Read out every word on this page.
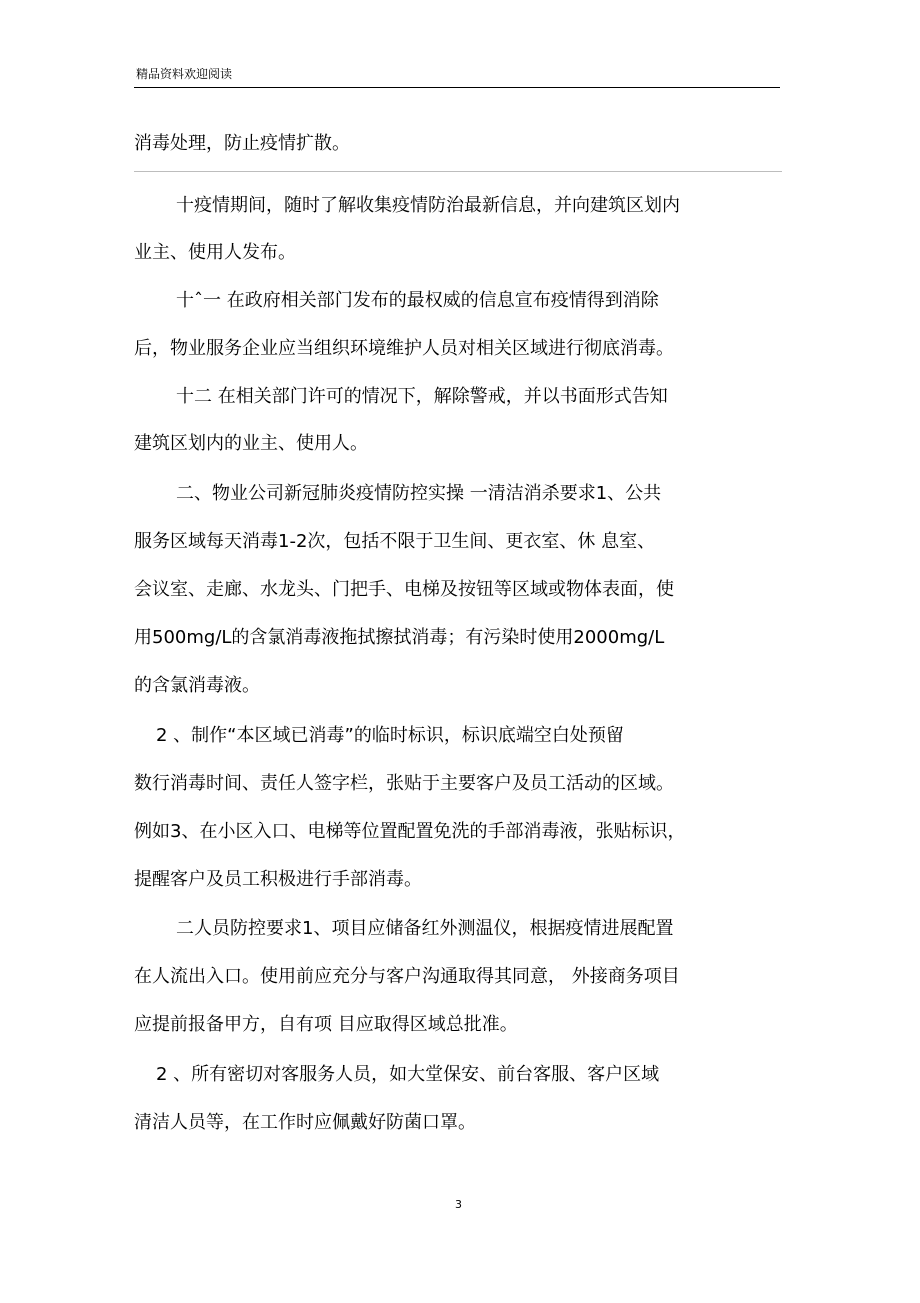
精品资料欢迎阅读
消毒处理，防止疫情扩散。
十疫情期间，随时了解收集疫情防治最新信息，并向建筑区划内
业主、使用人发布。
十ˆ一 在政府相关部门发布的最权威的信息宣布疫情得到消除
后，物业服务企业应当组织环境维护人员对相关区域进行彻底消毒。
十二 在相关部门许可的情况下，解除警戒，并以书面形式告知
建筑区划内的业主、使用人。
二、物业公司新冠肺炎疫情防控实操 一清洁消杀要求1、公共
服务区域每天消毒1-2次，包括不限于卫生间、更衣室、休 息室、
会议室、走廊、水龙头、门把手、电梯及按钮等区域或物体表面，使
用500mg/L的含氯消毒液拖拭擦拭消毒；有污染时使用2000mg/L
的含氯消毒液。
2 、制作“本区域已消毒”的临时标识，标识底端空白处预留
数行消毒时间、责任人签字栏，张贴于主要客户及员工活动的区域。
例如3、在小区入口、电梯等位置配置免洗的手部消毒液，张贴标识，
提醒客户及员工积极进行手部消毒。
二人员防控要求1、项目应储备红外测温仪，根据疫情进展配置
在人流出入口。使用前应充分与客户沟通取得其同意， 外接商务项目
应提前报备甲方，自有项 目应取得区域总批准。
2 、所有密切对客服务人员，如大堂保安、前台客服、客户区域
清洁人员等，在工作时应佩戴好防菌口罩。
3
